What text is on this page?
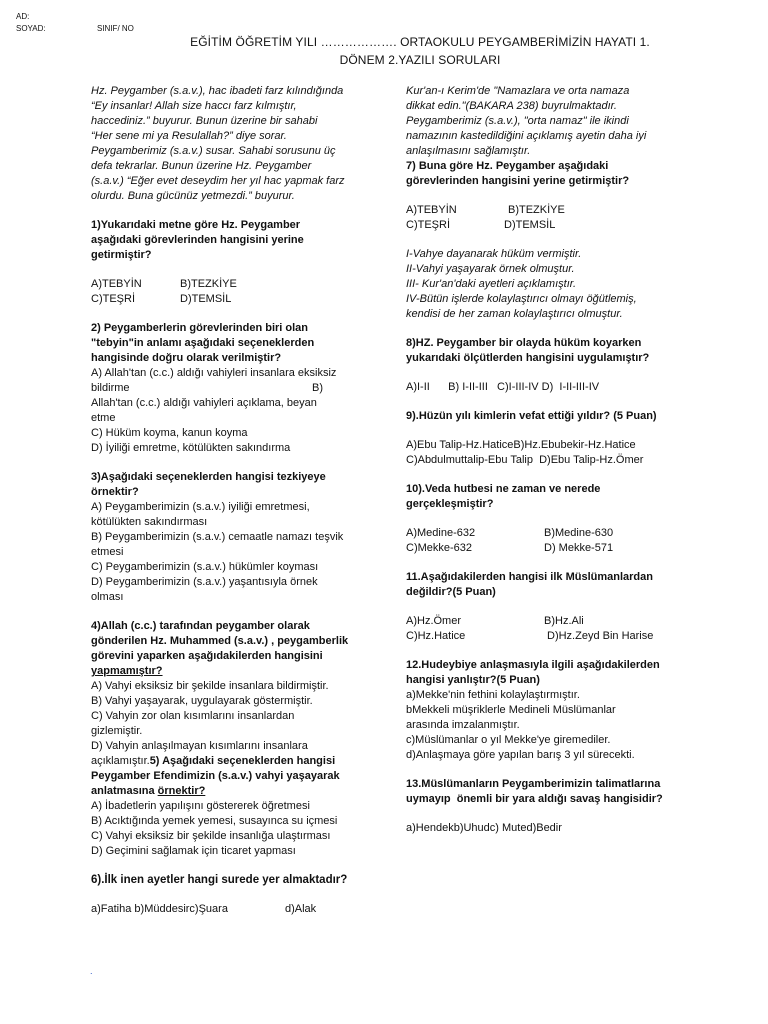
AD:
SOYAD:	SINIF/ NO
EĞİTİM ÖĞRETİM YILI ………………. ORTAOKULU PEYGAMBERİMİZİN HAYATI 1.
DÖNEM 2.YAZILI SORULARI

Hz. Peygamber (s.a.v.), hac ibadeti farz kılındığında

“Ey insanlar! Allah size haccı farz kılmıştır,

haccediniz.” buyurur. Bunun üzerine bir sahabi

“Her sene mi ya Resulallah?” diye sorar.

Peygamberimiz (s.a.v.) susar. Sahabi sorusunu üç

defa tekrarlar. Bunun üzerine Hz. Peygamber

(s.a.v.) “Eğer evet deseydim her yıl hac yapmak farz

olurdu. Buna gücünüz yetmezdi.” buyurur.

1)Yukarıdaki metne göre Hz. Peygamber

aşağıdaki görevlerinden hangisini yerine

getirmiştir?

A)TEBYİN	B)TEZKİYE
C)TEŞRİ	D)TEMSİL

2) Peygamberlerin görevlerinden biri olan

"tebyin"in anlamı aşağıdaki seçeneklerden

hangisinde doğru olarak verilmiştir?

A) Allah'tan (c.c.) aldığı vahiyleri insanlara eksiksiz

bildirme	B)

Allah'tan (c.c.) aldığı vahiyleri açıklama, beyan

etme

C) Hüküm koyma, kanun koyma

D) İyiliği emretme, kötülükten sakındırma

3)Aşağıdaki seçeneklerden hangisi tezkiyeye

örnektir?

A) Peygamberimizin (s.a.v.) iyiliği emretmesi,

kötülükten sakındırması

B) Peygamberimizin (s.a.v.) cemaatle namazı teşvik

etmesi

C) Peygamberimizin (s.a.v.) hükümler koyması

D) Peygamberimizin (s.a.v.) yaşantısıyla örnek

olması

4)Allah (c.c.) tarafından peygamber olarak

gönderilen Hz. Muhammed (s.a.v.) , peygamberlik

görevini yaparken aşağıdakilerden hangisini

yapmamıştır?

A) Vahyi eksiksiz bir şekilde insanlara bildirmiştir.

B) Vahyi yaşayarak, uygulayarak göstermiştir.

C) Vahyin zor olan kısımlarını insanlardan

gizlemiştir.

D) Vahyin anlaşılmayan kısımlarını insanlara

açıklamıştır.5) Aşağıdaki seçeneklerden hangisi

Peygamber Efendimizin (s.a.v.) vahyi yaşayarak

anlatmasına örnektir?

A) İbadetlerin yapılışını göstererek öğretmesi

B) Acıktığında yemek yemesi, susayınca su içmesi

C) Vahyi eksiksiz bir şekilde insanlığa ulaştırması

D) Geçimini sağlamak için ticaret yapması

6).İlk inen ayetler hangi surede yer almaktadır?

a)Fatiha b)Müddesirc)Şuara	d)Alak
.

Kur'an-ı Kerim'de "Namazlara ve orta namaza

dikkat edin."(BAKARA 238) buyrulmaktadır.

Peygamberimiz (s.a.v.), "orta namaz" ile ikindi

namazının kastedildiğini açıklamış ayetin daha iyi

anlaşılmasını sağlamıştır.

7) Buna göre Hz. Peygamber aşağıdaki

görevlerinden hangisini yerine getirmiştir?

A)TEBYİN	B)TEZKİYE
C)TEŞRİ	D)TEMSİL

I-Vahye dayanarak hüküm vermiştir.

II-Vahyi yaşayarak örnek olmuştur.

III- Kur'an'daki ayetleri açıklamıştır.

IV-Bütün işlerde kolaylaştırıcı olmayı öğütlemiş,

kendisi de her zaman kolaylaştırıcı olmuştur.

8)HZ. Peygamber bir olayda hüküm koyarken

yukarıdaki ölçütlerden hangisini uygulamıştır?

A)I-II      B) I-II-III   C)I-III-IV D)  I-II-III-IV

9).Hüzün yılı kimlerin vefat ettiği yıldır? (5 Puan)

A)Ebu Talip-Hz.HaticeB)Hz.Ebubekir-Hz.Hatice

C)Abdulmuttalip-Ebu Talip  D)Ebu Talip-Hz.Ömer

10).Veda hutbesi ne zaman ve nerede

gerçekleşmiştir?

A)Medine-632	B)Medine-630
C)Mekke-632	D) Mekke-571

11.Aşağıdakilerden hangisi ilk Müslümanlardan

değildir?(5 Puan)

A)Hz.Ömer	B)Hz.Ali
C)Hz.Hatice	D)Hz.Zeyd Bin Harise

12.Hudeybiye anlaşmasıyla ilgili aşağıdakilerden

hangisi yanlıştır?(5 Puan)

a)Mekke'nin fethini kolaylaştırmıştır.

bMekkeli müşriklerle Medineli Müslümanlar

arasında imzalanmıştır.

c)Müslümanlar o yıl Mekke'ye giremediler.

d)Anlaşmaya göre yapılan barış 3 yıl sürecekti.

13.Müslümanların Peygamberimizin talimatlarına

uymayıp  önemli bir yara aldığı savaş hangisidir?

a)Hendekb)Uhudc) Muted)Bedir
